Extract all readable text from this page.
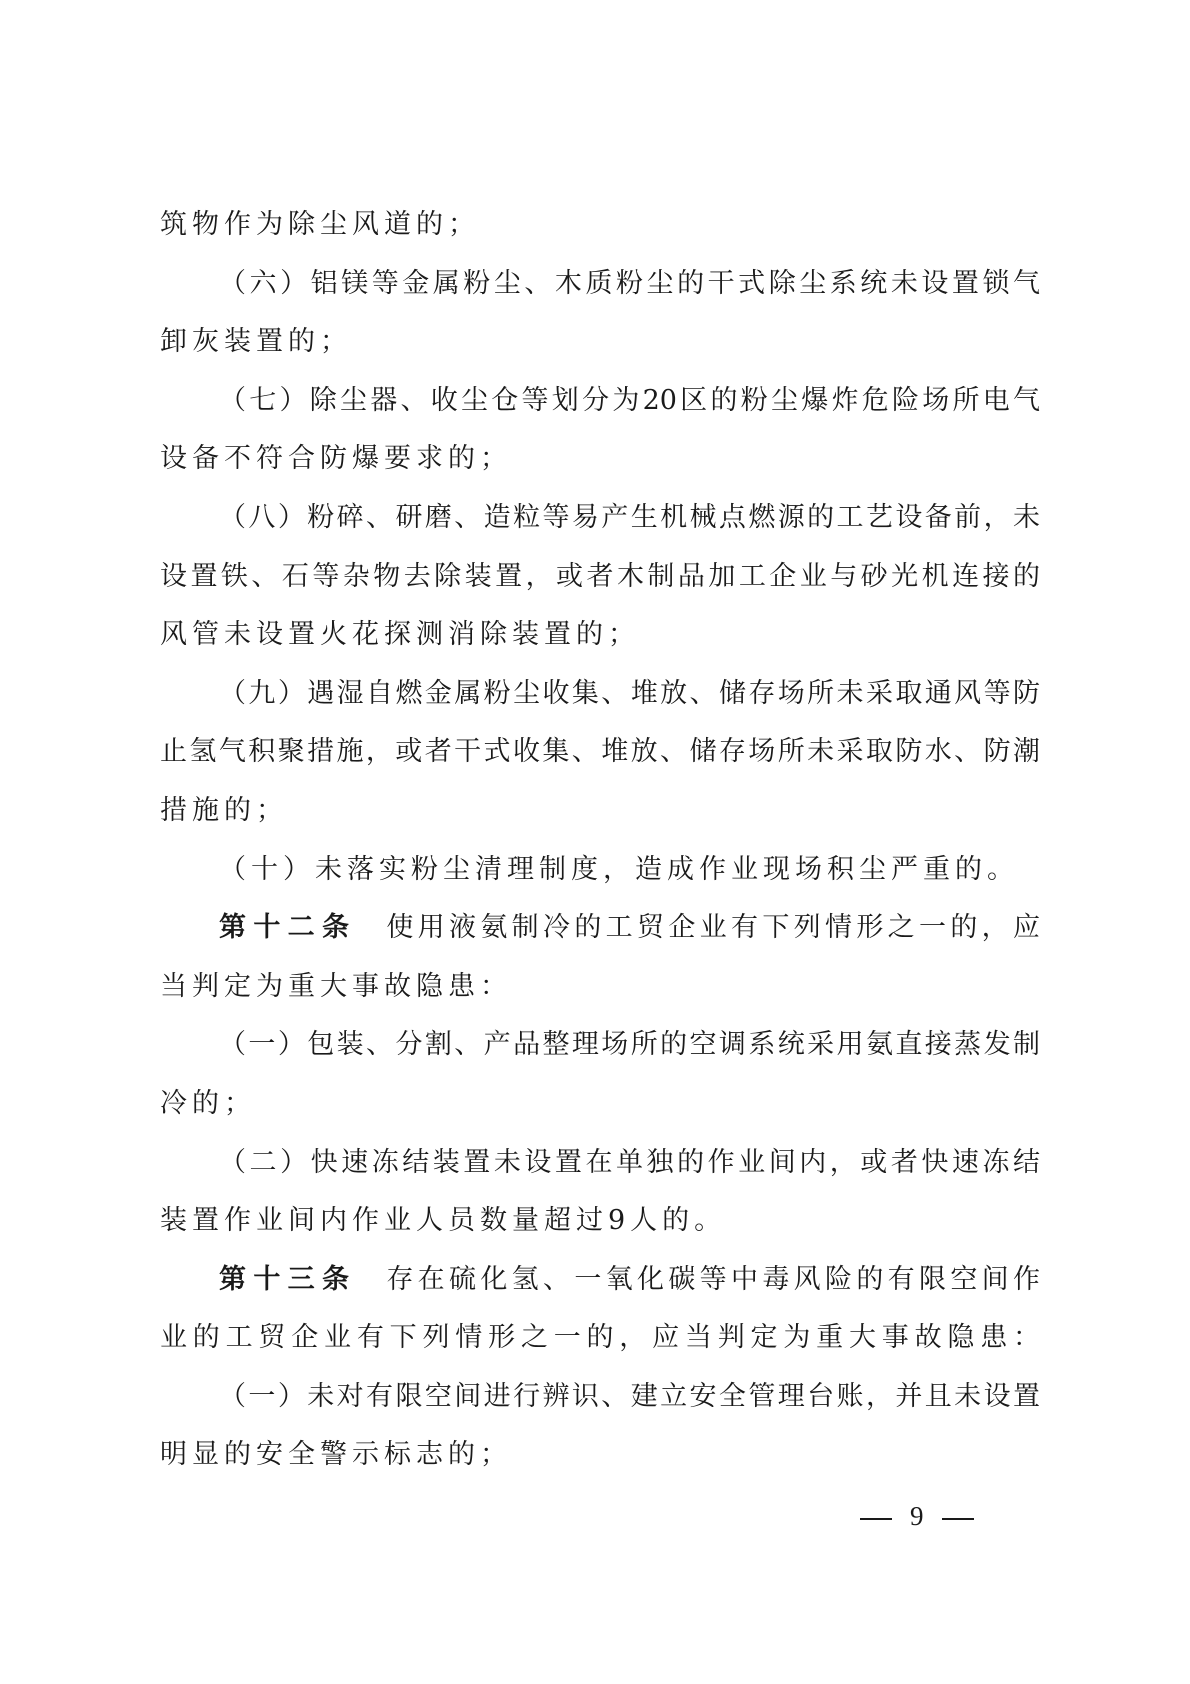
筑物作为除尘风道的；
（六）铝镁等金属粉尘、木质粉尘的干式除尘系统未设置锁气
卸灰装置的；
（七）除尘器、收尘仓等划分为20区的粉尘爆炸危险场所电气
设备不符合防爆要求的；
（八）粉碎、研磨、造粒等易产生机械点燃源的工艺设备前，未
设置铁、石等杂物去除装置，或者木制品加工企业与砂光机连接的
风管未设置火花探测消除装置的；
（九）遇湿自燃金属粉尘收集、堆放、储存场所未采取通风等防
止氢气积聚措施，或者干式收集、堆放、储存场所未采取防水、防潮
措施的；
（十）未落实粉尘清理制度，造成作业现场积尘严重的。
第十二条 使用液氨制冷的工贸企业有下列情形之一的，应
当判定为重大事故隐患：
（一）包装、分割、产品整理场所的空调系统采用氨直接蒸发制
冷的；
（二）快速冻结装置未设置在单独的作业间内，或者快速冻结
装置作业间内作业人员数量超过9人的。
第十三条 存在硫化氢、一氧化碳等中毒风险的有限空间作
业的工贸企业有下列情形之一的，应当判定为重大事故隐患：
（一）未对有限空间进行辨识、建立安全管理台账，并且未设置
明显的安全警示标志的；
9
